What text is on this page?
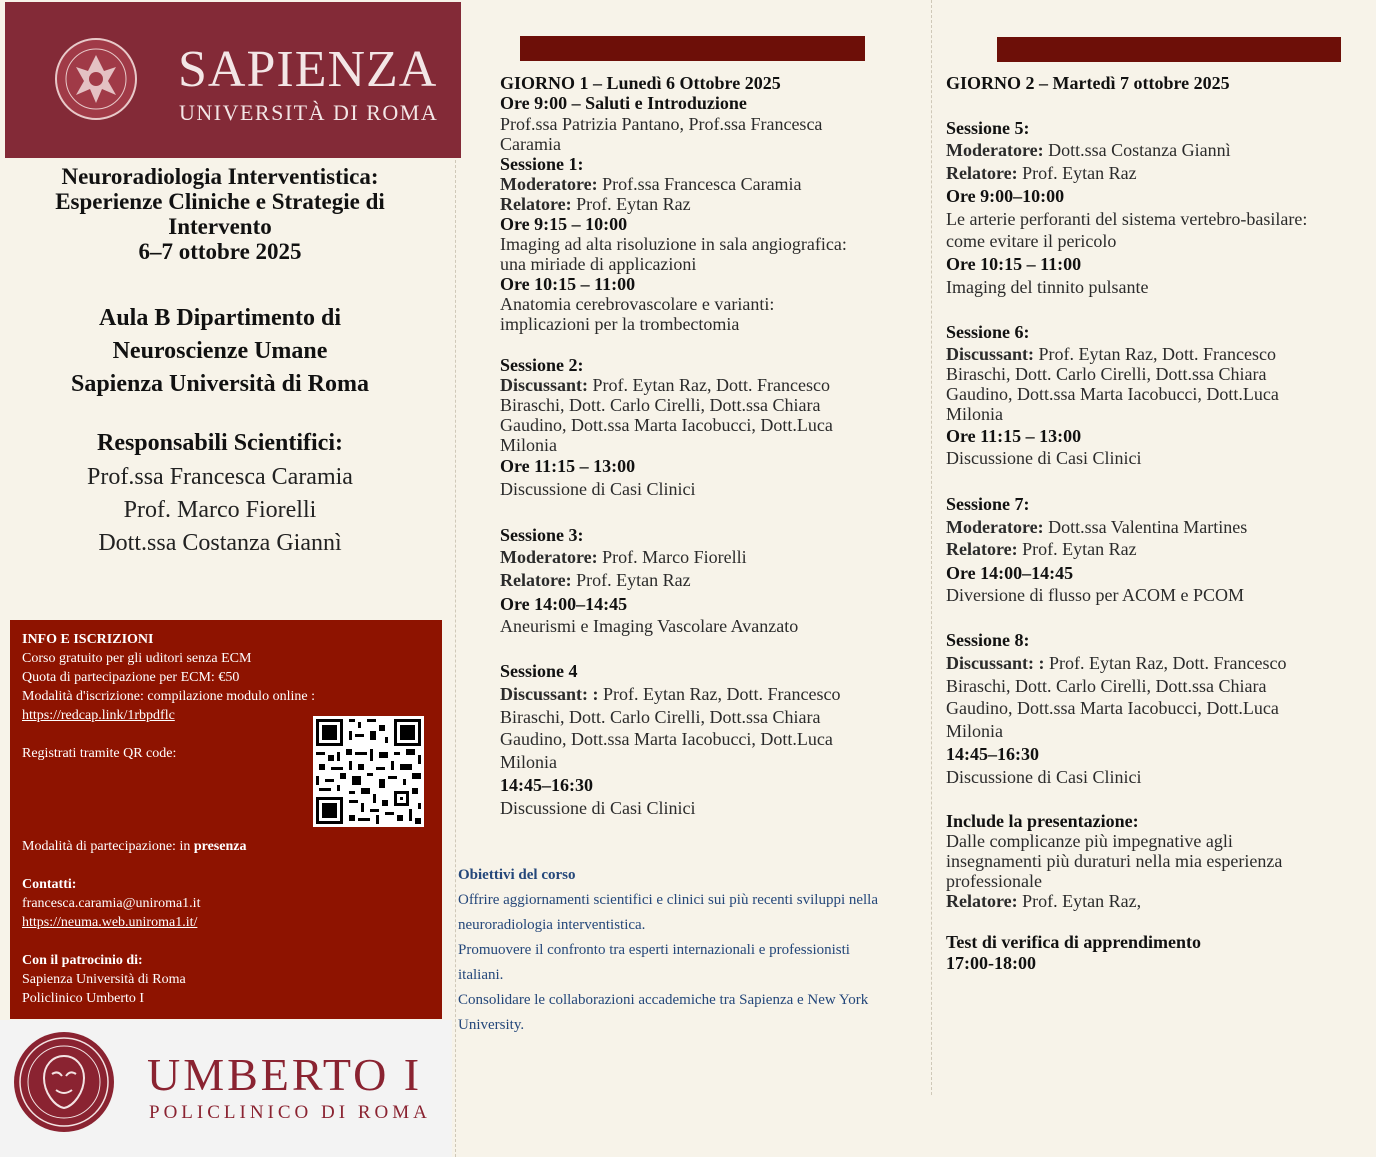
SAPIENZA
UNIVERSITÀ DI ROMA
Neuroradiologia Interventistica:
Esperienze Cliniche e Strategie di
Intervento
6–7 ottobre 2025
Aula B Dipartimento di
Neuroscienze Umane
Sapienza Università di Roma
Responsabili Scientifici:
Prof.ssa Francesca Caramia
Prof. Marco Fiorelli
Dott.ssa Costanza Giannì
INFO E ISCRIZIONI
Corso gratuito per gli uditori senza ECM
Quota di partecipazione per ECM: €50
Modalità d'iscrizione: compilazione modulo online :
https://redcap.link/1rbpdflc
Registrati tramite QR code:
Modalità di partecipazione: in presenza
Contatti:
francesca.caramia@uniroma1.it
https://neuma.web.uniroma1.it/
Con il patrocinio di:
Sapienza Università di Roma
Policlinico Umberto I
UMBERTO I
POLICLINICO DI ROMA
GIORNO 1 – Lunedì 6 Ottobre 2025
Ore 9:00 – Saluti e Introduzione
Prof.ssa Patrizia Pantano, Prof.ssa Francesca
Caramia
Sessione 1:
Moderatore: Prof.ssa Francesca Caramia
Relatore: Prof. Eytan Raz
Ore 9:15 – 10:00
Imaging ad alta risoluzione in sala angiografica:
una miriade di applicazioni
Ore 10:15 – 11:00
Anatomia cerebrovascolare e varianti:
implicazioni per la trombectomia
Sessione 2:
Discussant: Prof. Eytan Raz, Dott. Francesco
Biraschi, Dott. Carlo Cirelli, Dott.ssa Chiara
Gaudino, Dott.ssa Marta Iacobucci, Dott.Luca
Milonia
Ore 11:15 – 13:00
Discussione di Casi Clinici
Sessione 3:
Moderatore: Prof. Marco Fiorelli
Relatore: Prof. Eytan Raz
Ore 14:00–14:45
Aneurismi e Imaging Vascolare Avanzato
Sessione 4
Discussant: : Prof. Eytan Raz, Dott. Francesco
Biraschi, Dott. Carlo Cirelli, Dott.ssa Chiara
Gaudino, Dott.ssa Marta Iacobucci, Dott.Luca
Milonia
14:45–16:30
Discussione di Casi Clinici
Obiettivi del corso
Offrire aggiornamenti scientifici e clinici sui più recenti sviluppi nella
neuroradiologia interventistica.
Promuovere il confronto tra esperti internazionali e professionisti
italiani.
Consolidare le collaborazioni accademiche tra Sapienza e New York
University.
GIORNO 2 – Martedì 7 ottobre 2025
Sessione 5:
Moderatore: Dott.ssa Costanza Giannì
Relatore: Prof. Eytan Raz
Ore 9:00–10:00
Le arterie perforanti del sistema vertebro-basilare:
come evitare il pericolo
Ore 10:15 – 11:00
Imaging del tinnito pulsante
Sessione 6:
Discussant: Prof. Eytan Raz, Dott. Francesco
Biraschi, Dott. Carlo Cirelli, Dott.ssa Chiara
Gaudino, Dott.ssa Marta Iacobucci, Dott.Luca
Milonia
Ore 11:15 – 13:00
Discussione di Casi Clinici
Sessione 7:
Moderatore: Dott.ssa Valentina Martines
Relatore: Prof. Eytan Raz
Ore 14:00–14:45
Diversione di flusso per ACOM e PCOM
Sessione 8:
Discussant: : Prof. Eytan Raz, Dott. Francesco
Biraschi, Dott. Carlo Cirelli, Dott.ssa Chiara
Gaudino, Dott.ssa Marta Iacobucci, Dott.Luca
Milonia
14:45–16:30
Discussione di Casi Clinici
Include la presentazione:
Dalle complicanze più impegnative agli
insegnamenti più duraturi nella mia esperienza
professionale
Relatore: Prof. Eytan Raz,
Test di verifica di apprendimento
17:00-18:00
